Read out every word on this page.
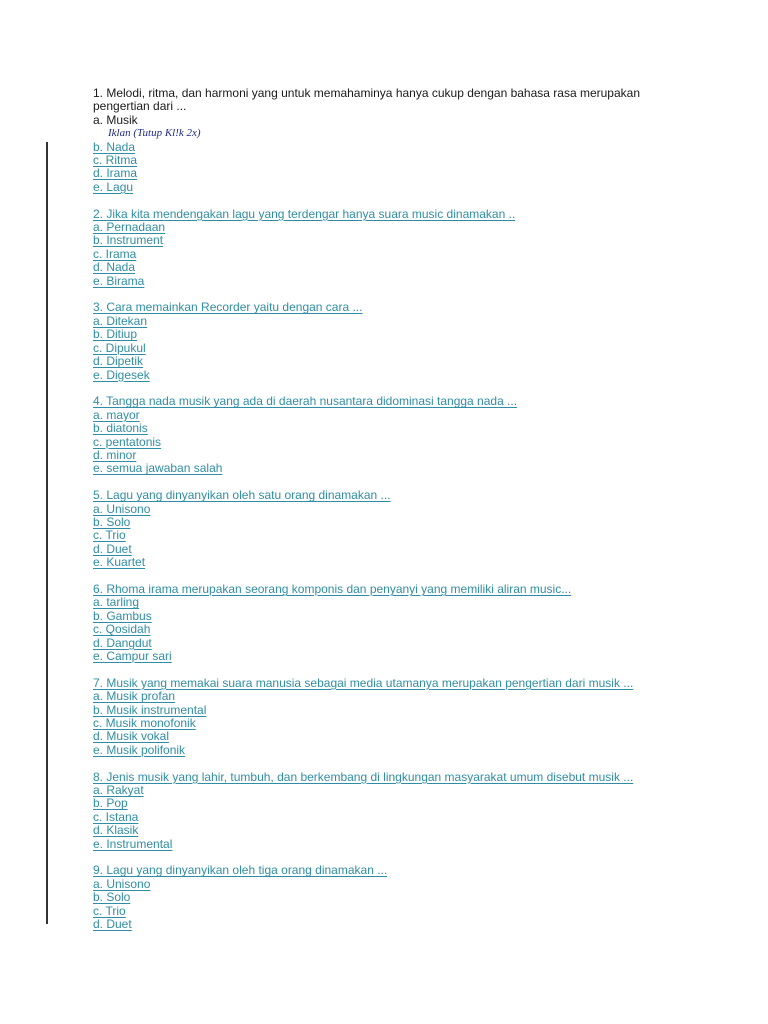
1. Melodi, ritma, dan harmoni yang untuk memahaminya hanya cukup dengan bahasa rasa merupakan
pengertian dari ...
a. Musik
Iklan (Tutup Kl!k 2x)
b. Nada
c. Ritma
d. Irama
e. Lagu
2. Jika kita mendengakan lagu yang terdengar hanya suara music dinamakan ..
a. Pernadaan
b. Instrument
c. Irama
d. Nada
e. Birama
3. Cara memainkan Recorder yaitu dengan cara ...
a. Ditekan
b. Ditiup
c. Dipukul
d. Dipetik
e. Digesek
4. Tangga nada musik yang ada di daerah nusantara didominasi tangga nada ...
a. mayor
b. diatonis
c. pentatonis
d. minor
e. semua jawaban salah
5. Lagu yang dinyanyikan oleh satu orang dinamakan ...
a. Unisono
b. Solo
c. Trio
d. Duet
e. Kuartet
6. Rhoma irama merupakan seorang komponis dan penyanyi yang memiliki aliran music...
a. tarling
b. Gambus
c. Qosidah
d. Dangdut
e. Campur sari
7. Musik yang memakai suara manusia sebagai media utamanya merupakan pengertian dari musik ...
a. Musik profan
b. Musik instrumental
c. Musik monofonik
d. Musik vokal
e. Musik polifonik
8. Jenis musik yang lahir, tumbuh, dan berkembang di lingkungan masyarakat umum disebut musik ...
a. Rakyat
b. Pop
c. Istana
d. Klasik
e. Instrumental
9. Lagu yang dinyanyikan oleh tiga orang dinamakan ...
a. Unisono
b. Solo
c. Trio
d. Duet
